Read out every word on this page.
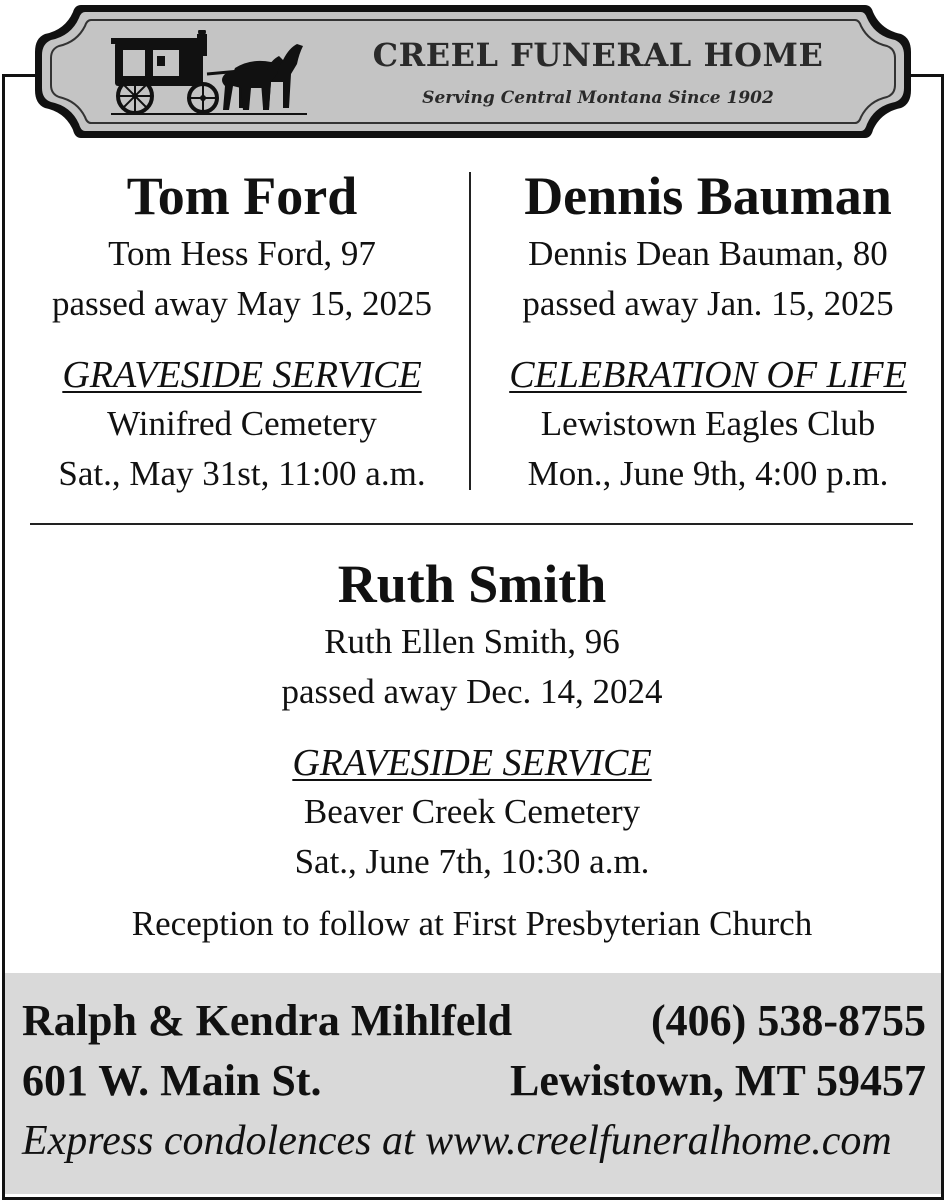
CREEL FUNERAL HOME
Serving Central Montana Since 1902
Tom Ford
Tom Hess Ford, 97
passed away May 15, 2025
GRAVESIDE SERVICE
Winifred Cemetery
Sat., May 31st, 11:00 a.m.
Dennis Bauman
Dennis Dean Bauman, 80
passed away Jan. 15, 2025
CELEBRATION OF LIFE
Lewistown Eagles Club
Mon., June 9th, 4:00 p.m.
Ruth Smith
Ruth Ellen Smith, 96
passed away Dec. 14, 2024
GRAVESIDE SERVICE
Beaver Creek Cemetery
Sat., June 7th, 10:30 a.m.
Reception to follow at First Presbyterian Church
Ralph & Kendra Mihlfeld	(406) 538-8755
601 W. Main St.	Lewistown, MT 59457
Express condolences at www.creelfuneralhome.com
